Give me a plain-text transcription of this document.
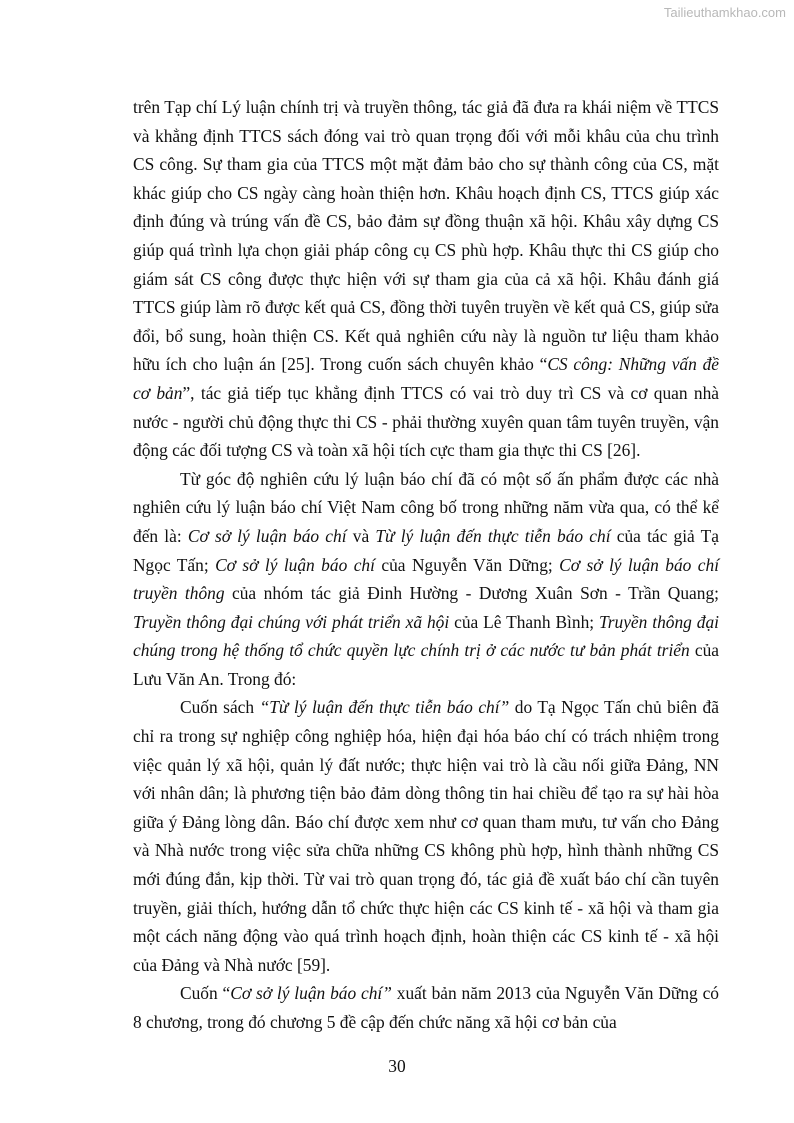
Tailieuthamkhao.com

trên Tạp chí Lý luận chính trị và truyền thông, tác giả đã đưa ra khái niệm về TTCS và khẳng định TTCS sách đóng vai trò quan trọng đối với mỗi khâu của chu trình CS công. Sự tham gia của TTCS một mặt đảm bảo cho sự thành công của CS, mặt khác giúp cho CS ngày càng hoàn thiện hơn. Khâu hoạch định CS, TTCS giúp xác định đúng và trúng vấn đề CS, bảo đảm sự đồng thuận xã hội. Khâu xây dựng CS giúp quá trình lựa chọn giải pháp công cụ CS phù hợp. Khâu thực thi CS giúp cho giám sát CS công được thực hiện với sự tham gia của cả xã hội. Khâu đánh giá TTCS giúp làm rõ được kết quả CS, đồng thời tuyên truyền về kết quả CS, giúp sửa đổi, bổ sung, hoàn thiện CS. Kết quả nghiên cứu này là nguồn tư liệu tham khảo hữu ích cho luận án [25]. Trong cuốn sách chuyên khảo “CS công: Những vấn đề cơ bản”, tác giả tiếp tục khẳng định TTCS có vai trò duy trì CS và cơ quan nhà nước - người chủ động thực thi CS - phải thường xuyên quan tâm tuyên truyền, vận động các đối tượng CS và toàn xã hội tích cực tham gia thực thi CS [26].

Từ góc độ nghiên cứu lý luận báo chí đã có một số ấn phẩm được các nhà nghiên cứu lý luận báo chí Việt Nam công bố trong những năm vừa qua, có thể kể đến là: Cơ sở lý luận báo chí và Từ lý luận đến thực tiễn báo chí của tác giả Tạ Ngọc Tấn; Cơ sở lý luận báo chí của Nguyễn Văn Dững; Cơ sở lý luận báo chí truyền thông của nhóm tác giả Đinh Hường - Dương Xuân Sơn - Trần Quang; Truyền thông đại chúng với phát triển xã hội của Lê Thanh Bình; Truyền thông đại chúng trong hệ thống tổ chức quyền lực chính trị ở các nước tư bản phát triển của Lưu Văn An. Trong đó:

Cuốn sách “Từ lý luận đến thực tiễn báo chí” do Tạ Ngọc Tấn chủ biên đã chỉ ra trong sự nghiệp công nghiệp hóa, hiện đại hóa báo chí có trách nhiệm trong việc quản lý xã hội, quản lý đất nước; thực hiện vai trò là cầu nối giữa Đảng, NN với nhân dân; là phương tiện bảo đảm dòng thông tin hai chiều để tạo ra sự hài hòa giữa ý Đảng lòng dân. Báo chí được xem như cơ quan tham mưu, tư vấn cho Đảng và Nhà nước trong việc sửa chữa những CS không phù hợp, hình thành những CS mới đúng đắn, kịp thời. Từ vai trò quan trọng đó, tác giả đề xuất báo chí cần tuyên truyền, giải thích, hướng dẫn tổ chức thực hiện các CS kinh tế - xã hội và tham gia một cách năng động vào quá trình hoạch định, hoàn thiện các CS kinh tế - xã hội của Đảng và Nhà nước [59].

Cuốn “Cơ sở lý luận báo chí” xuất bản năm 2013 của Nguyễn Văn Dững có 8 chương, trong đó chương 5 đề cập đến chức năng xã hội cơ bản của

30
